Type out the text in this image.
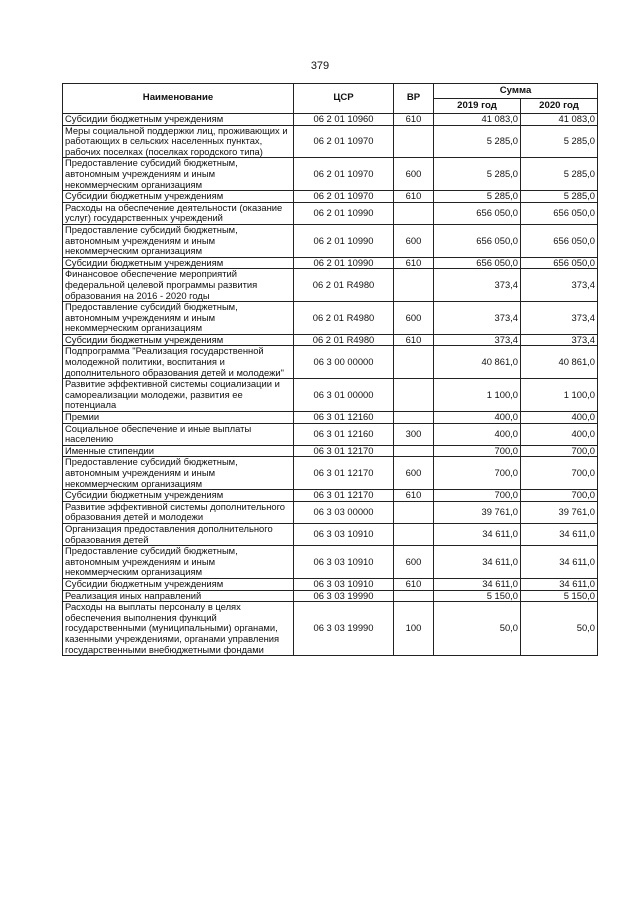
379
Наименование	ЦСР	ВР	Сумма	
			2019 год	2020 год
Субсидии бюджетным учреждениям	06 2 01 10960	610	41 083,0	41 083,0
Меры социальной поддержки лиц, проживающих и работающих в сельских населенных пунктах, рабочих поселках (поселках городского типа)	06 2 01 10970		5 285,0	5 285,0
Предоставление субсидий бюджетным, автономным учреждениям и иным некоммерческим организациям	06 2 01 10970	600	5 285,0	5 285,0
Субсидии бюджетным учреждениям	06 2 01 10970	610	5 285,0	5 285,0
Расходы на обеспечение деятельности (оказание услуг) государственных учреждений	06 2 01 10990		656 050,0	656 050,0
Предоставление субсидий бюджетным, автономным учреждениям и иным некоммерческим организациям	06 2 01 10990	600	656 050,0	656 050,0
Субсидии бюджетным учреждениям	06 2 01 10990	610	656 050,0	656 050,0
Финансовое обеспечение мероприятий федеральной целевой программы развития образования на 2016 - 2020 годы	06 2 01 R4980		373,4	373,4
Предоставление субсидий бюджетным, автономным учреждениям и иным некоммерческим организациям	06 2 01 R4980	600	373,4	373,4
Субсидии бюджетным учреждениям	06 2 01 R4980	610	373,4	373,4
Подпрограмма "Реализация государственной молодежной политики, воспитания и дополнительного образования детей и молодежи"	06 3 00 00000		40 861,0	40 861,0
Развитие эффективной системы социализации и самореализации молодежи, развития ее потенциала	06 3 01 00000		1 100,0	1 100,0
Премии	06 3 01 12160		400,0	400,0
Социальное обеспечение и иные выплаты населению	06 3 01 12160	300	400,0	400,0
Именные стипендии	06 3 01 12170		700,0	700,0
Предоставление субсидий бюджетным, автономным учреждениям и иным некоммерческим организациям	06 3 01 12170	600	700,0	700,0
Субсидии бюджетным учреждениям	06 3 01 12170	610	700,0	700,0
Развитие эффективной системы дополнительного образования детей и молодежи	06 3 03 00000		39 761,0	39 761,0
Организация предоставления дополнительного образования детей	06 3 03 10910		34 611,0	34 611,0
Предоставление субсидий бюджетным, автономным учреждениям и иным некоммерческим организациям	06 3 03 10910	600	34 611,0	34 611,0
Субсидии бюджетным учреждениям	06 3 03 10910	610	34 611,0	34 611,0
Реализация иных направлений	06 3 03 19990		5 150,0	5 150,0
Расходы на выплаты персоналу в целях обеспечения выполнения функций государственными (муниципальными) органами, казенными учреждениями, органами управления государственными внебюджетными фондами	06 3 03 19990	100	50,0	50,0
